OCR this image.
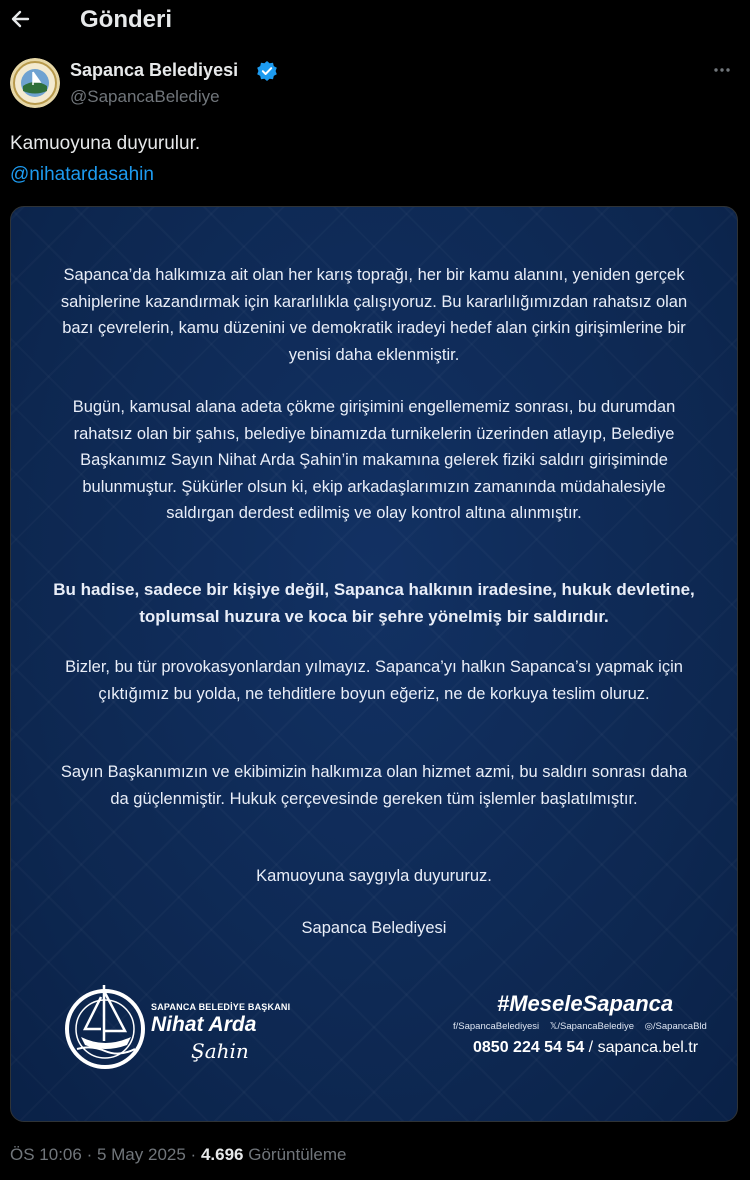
Gönderi
Sapanca Belediyesi
@SapancaBelediye
Kamuoyuna duyurulur.
@nihatardasahin

Sapanca’da halkımıza ait olan her karış toprağı, her bir kamu alanını, yeniden gerçek sahiplerine kazandırmak için kararlılıkla çalışıyoruz. Bu kararlılığımızdan rahatsız olan bazı çevrelerin, kamu düzenini ve demokratik iradeyi hedef alan çirkin girişimlerine bir yenisi daha eklenmiştir.

Bugün, kamusal alana adeta çökme girişimini engellememiz sonrası, bu durumdan rahatsız olan bir şahıs, belediye binamızda turnikelerin üzerinden atlayıp, Belediye Başkanımız Sayın Nihat Arda Şahin’in makamına gelerek fiziki saldırı girişiminde bulunmuştur. Şükürler olsun ki, ekip arkadaşlarımızın zamanında müdahalesiyle saldırgan derdest edilmiş ve olay kontrol altına alınmıştır.

Bu hadise, sadece bir kişiye değil, Sapanca halkının iradesine, hukuk devletine, toplumsal huzura ve koca bir şehre yönelmiş bir saldırıdır.

Bizler, bu tür provokasyonlardan yılmayız. Sapanca’yı halkın Sapanca’sı yapmak için çıktığımız bu yolda, ne tehditlere boyun eğeriz, ne de korkuya teslim oluruz.

Sayın Başkanımızın ve ekibimizin halkımıza olan hizmet azmi, bu saldırı sonrası daha da güçlenmiştir. Hukuk çerçevesinde gereken tüm işlemler başlatılmıştır.

Kamuoyuna saygıyla duyururuz.

Sapanca Belediyesi

SAPANCA BELEDİYE BAŞKANI
Nihat Arda
Şahin
#MeseleSapanca
f/SapancaBelediyesi 𝕏/SapancaBelediye ◎/SapancaBld
0850 224 54 54 / sapanca.bel.tr
ÖS 10:06 · 5 May 2025 · 4.696 Görüntüleme
